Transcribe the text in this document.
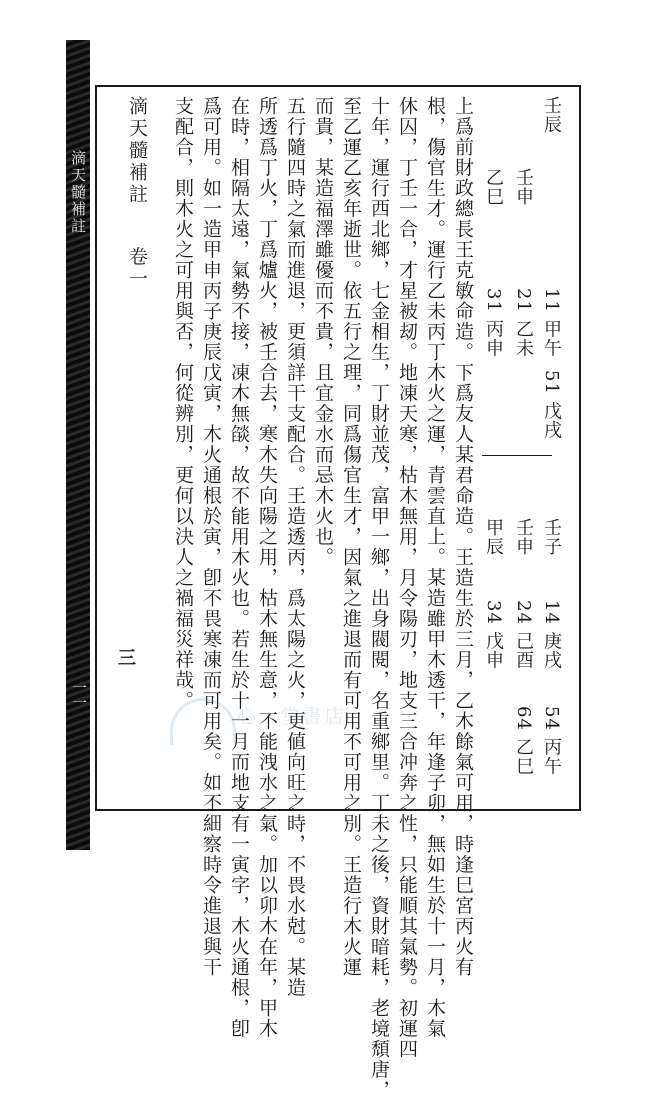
滴天髓補註
一一
壬辰
壬申
乙巳
11 甲午
21 乙未
31 丙申
51 戊戌
壬子
壬申
甲辰
14 庚戌
24 己酉
34 戊申
54 丙午
64 乙巳
上爲前財政總長王克敏命造。下爲友人某君命造。王造生於三月，乙木餘氣可用，時逢巳宮丙火有
根，傷官生才。運行乙未丙丁木火之運，青雲直上。某造雖甲木透干，年逢子卯，無如生於十一月，木氣
休囚，丁壬一合，才星被刼。地凍天寒，枯木無用，月令陽刃，地支三合冲奔之性，只能順其氣勢。初運四
十年，運行西北鄉，七金相生，丁財並茂，富甲一鄉，出身閥閱，名重鄉里。丁未之後，資財暗耗，老境頹唐，
至乙運乙亥年逝世。依五行之理，同爲傷官生才，因氣之進退而有可用不可用之別。王造行木火運
而貴，某造福澤雖優而不貴，且宜金水而忌木火也。
五行隨四時之氣而進退，更須詳干支配合。王造透丙，爲太陽之火，更値向旺之時，不畏水尅。某造
所透爲丁火，丁爲爐火，被壬合去，寒木失向陽之用，枯木無生意，不能洩水之氣。加以卯木在年，甲木
在時，相隔太遠，氣勢不接，凍木無燄，故不能用木火也。若生於十一月而地支有一寅字，木火通根，卽
爲可用。如一造甲申丙子庚辰戊寅，木火通根於寅，卽不畏寒凍而可用矣。如不細察時令進退與干
支配合，則木火之可用與否，何從辨別，更何以決人之禍福災祥哉。
滴天髓補註  卷一
三
心一堂書店
